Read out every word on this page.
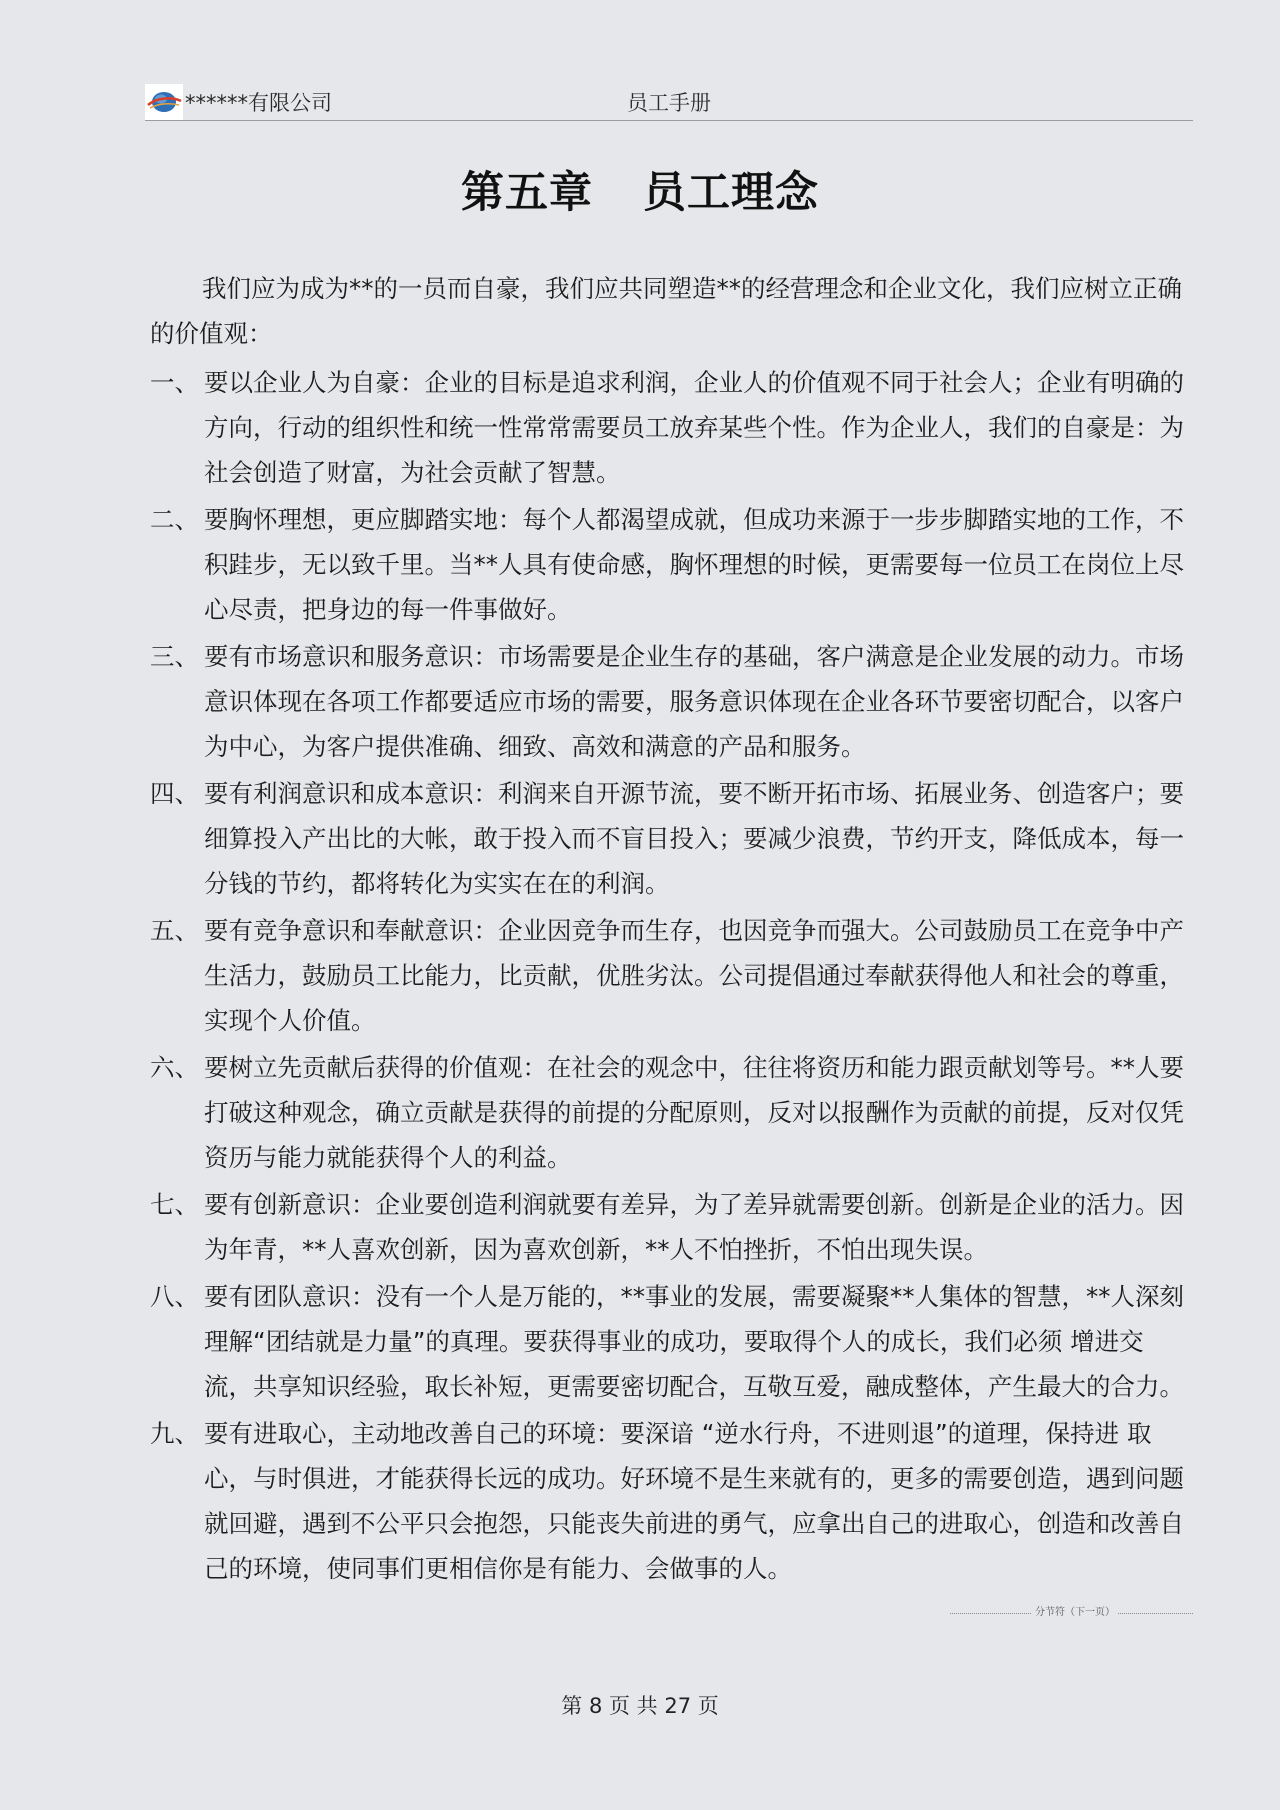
******有限公司	员工手册
第五章 员工理念

我们应为成为**的一员而自豪，我们应共同塑造**的经营理念和企业文化，我们应树立正确的价值观：

一、 要以企业人为自豪：企业的目标是追求利润，企业人的价值观不同于社会人；企业有明确的方向，行动的组织性和统一性常常需要员工放弃某些个性。作为企业人，我们的自豪是：为社会创造了财富，为社会贡献了智慧。
二、 要胸怀理想，更应脚踏实地：每个人都渴望成就，但成功来源于一步步脚踏实地的工作，不积跬步，无以致千里。当**人具有使命感，胸怀理想的时候，更需要每一位员工在岗位上尽心尽责，把身边的每一件事做好。
三、 要有市场意识和服务意识：市场需要是企业生存的基础，客户满意是企业发展的动力。市场意识体现在各项工作都要适应市场的需要，服务意识体现在企业各环节要密切配合，以客户为中心，为客户提供准确、细致、高效和满意的产品和服务。
四、 要有利润意识和成本意识：利润来自开源节流，要不断开拓市场、拓展业务、创造客户；要细算投入产出比的大帐，敢于投入而不盲目投入；要减少浪费，节约开支，降低成本，每一分钱的节约，都将转化为实实在在的利润。
五、 要有竞争意识和奉献意识：企业因竞争而生存，也因竞争而强大。公司鼓励员工在竞争中产生活力，鼓励员工比能力，比贡献，优胜劣汰。公司提倡通过奉献获得他人和社会的尊重，实现个人价值。
六、 要树立先贡献后获得的价值观：在社会的观念中，往往将资历和能力跟贡献划等号。**人要打破这种观念，确立贡献是获得的前提的分配原则，反对以报酬作为贡献的前提，反对仅凭资历与能力就能获得个人的利益。
七、 要有创新意识：企业要创造利润就要有差异，为了差异就需要创新。创新是企业的活力。因为年青，**人喜欢创新，因为喜欢创新，**人不怕挫折，不怕出现失误。
八、 要有团队意识：没有一个人是万能的，**事业的发展，需要凝聚**人集体的智慧，**人深刻理解“团结就是力量”的真理。要获得事业的成功，要取得个人的成长，我们必须 增进交流，共享知识经验，取长补短，更需要密切配合，互敬互爱，融成整体，产生最大的合力。
九、 要有进取心，主动地改善自己的环境：要深谙 “逆水行舟，不进则退”的道理，保持进 取心，与时俱进，才能获得长远的成功。好环境不是生来就有的，更多的需要创造，遇到问题就回避，遇到不公平只会抱怨，只能丧失前进的勇气，应拿出自己的进取心，创造和改善自己的环境，使同事们更相信你是有能力、会做事的人。
分节符（下一页）
第 8 页 共 27 页
